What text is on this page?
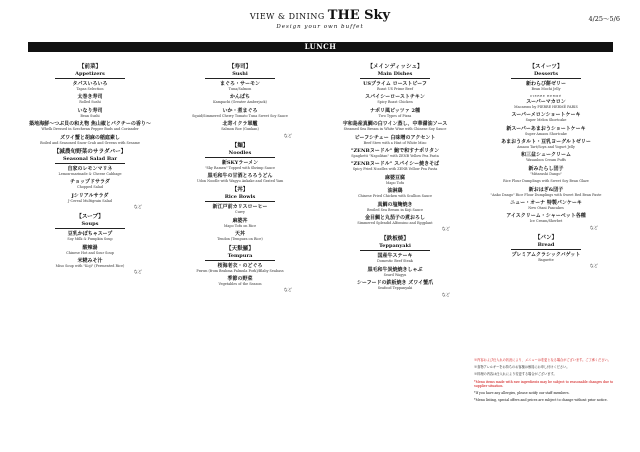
VIEW & DINING THE Sky
Design your own buffet
4/25～5/6
LUNCH
【前菜】
Appetizers
タパスいろいろ
Tapas Selection
太巻き寿司
Rolled Sushi
いなり寿司
Bean Sushi
築地海鮮～つぶ貝の和え物 焦山椒とパクチーの香り～
Whelk Dressed in Szechwan Pepper Buds and Coriander
ズワイ蟹と胡麻の稲庭素し
Boiled and Seasoned Snow Crab and Greens with Sesame
【減農旬野菜のサラダバー】
Seasonal Salad Bar
自家のレモンマリネ
Lemon-marinade & Cheese Cabbage
チョップドサラダ
Chopped Salad
Jシリアルサラダ
J-Cereal Multigrain Salad
など
【スープ】
Soups
豆乳かぼちゃスープ
Soy Milk & Pumpkin Soup
酸辣湯
Chinese Hot and Sour Soup
米糀みそ汁
Miso Soup with "Koji" (Fermented Rice)
など
【寿司】
Sushi
まぐろ・サーモン
Tuna/Salmon
かんぱち
Kampachi (Greater Amberjack)
いか・煮まぐろ
Squid/Simmered Cherry Tomato Tuna Sweet Soy Sauce
北寄イクラ軍艦
Salmon Roe (Gunkan)
など
【麺】
Noodles
新SKYラーメン
"Sky Ramen" Topped with Shrimp Sauce
黒毛和牛の甘酒とろろうどん
Udon Noodle with Wagyu Ankake and Grated Yam
【丼】
Rice Bowls
新江戸前カリスローヒー
Curry
麻婆丼
Mapo Tofu on Rice
天丼
Tendon (Tempura on Rice)
【天麩羅】
Tempura
桜海老衣・のどぐろ
Prawn (from Brahma Palmula Pork)/Blaby Seabass
季節の野菜
Vegetables of the Season
など
【メインディッシュ】
Main Dishes
USプライム ローストビーフ
Roast US Prime Beef
スパイシーローストチキン
Spicy Roast Chicken
ナポリ風ピッツァ 2種
Two Types of Pizza
宇和島産真鯛の白ワイン蒸し、中華醤油ソース
Steamed Sea Bream in White Wine with Chinese Soy Sauce
ビーフシチュー 白味噌のアクセント
Beef Stew with a Hint of White Miso
"ZENBヌードル" 鮑で和すナポリタン
Spaghetti "Napolitan" with ZENB Yellow Pea Pasta
"ZENBヌードル" スパイシー焼きそば
Spicy Fried Noodles with ZENB Yellow Pea Pasta
麻婆豆腐
Mapo Tofu
油淋鶏
Chinese Fried Chicken with Scallion Sauce
真鯛の塩麹焼き
Broiled Sea Bream in Koji Sauce
金目鯛と丸茄子の煮おろし
Simmered Splendid Alfonsino and Eggplant
など
【鉄板焼】
Teppanyaki
国産牛ステーキ
Domestic Beef Steak
黒毛和牛炭焼焼きしゃぶ
Seard Wagyu
シーフードの鉄板焼き ズワイ蟹爪
Seafood Teppanyaki
など
【スイーツ】
Desserts
新わらび餅ゼリー
Bean Mochi Jelly
PIERRE HERMÉ
スーパーマカロン
Macarons by PIERRE HERMÉ PARIS
スーパーメロンショートケーキ
Super Melon Shortcake
新スーパーあまおうショートケーキ
Super Amaou Shortcake
あまおうタルト・豆乳ヨーグルトゼリー
Amaou Tart/Soya and Yogurt Jelly
和三盆シュークリーム
Wasanbon Cream Puffs
新みたらし団子
"Mitarashi Dango"
Rice Flour Dumplings with Sweet Soy Bean Glaze
新おはぎ&団子
"Anko Dango" Rice Flour Dumplings with Sweet Red Bean Paste
ニュー・オーナ 特製パンケーキ
New Otani Pancakes
アイスクリーム・シャーベット各種
Ice Cream/Sherbet
など
【パン】
Bread
プレミアムクラシックバゲット
Baguette
など
※内容および仕入れの状況により、メニューは変更となる場合がございます。ご了承ください。
※食物アレルギーをお持ちのお客様は係員にお申し付けください。
※料理の内容は仕入れにより変更する場合がございます。
*Menu items made with raw ingredients may be subject to reasonable changes due to supplier situation.
*If you have any allergies, please notify our staff members.
*Menu listing, special offers and prices are subject to change without prior notice.
